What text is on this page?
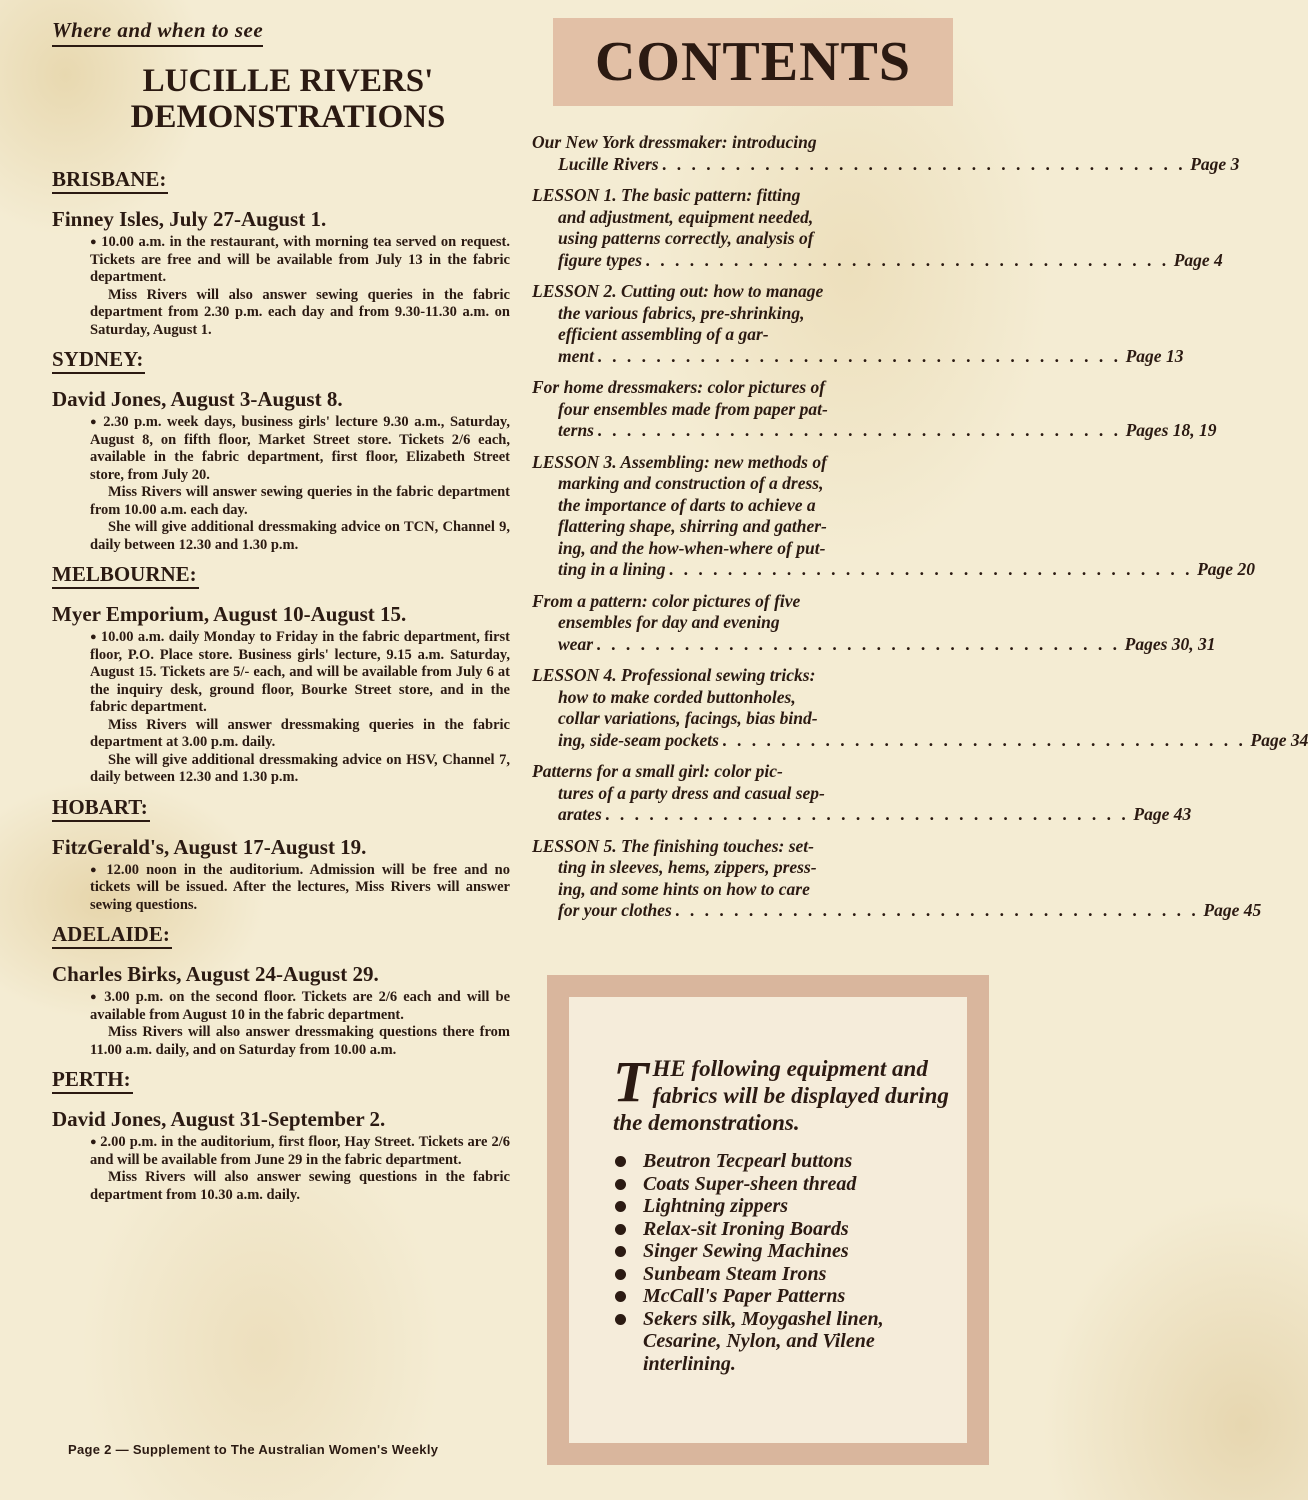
Where and when to see

LUCILLE RIVERS'
DEMONSTRATIONS
BRISBANE:

Finney Isles, July 27-August 1.

● 10.00 a.m. in the restaurant, with morning tea served on request. Tickets are free and will be available from July 13 in the fabric department.

Miss Rivers will also answer sewing queries in the fabric department from 2.30 p.m. each day and from 9.30-11.30 a.m. on Saturday, August 1.

SYDNEY:

David Jones, August 3-August 8.

● 2.30 p.m. week days, business girls' lecture 9.30 a.m., Saturday, August 8, on fifth floor, Market Street store. Tickets 2/6 each, available in the fabric department, first floor, Elizabeth Street store, from July 20.

Miss Rivers will answer sewing queries in the fabric department from 10.00 a.m. each day.

She will give additional dressmaking advice on TCN, Channel 9, daily between 12.30 and 1.30 p.m.

MELBOURNE:

Myer Emporium, August 10-August 15.

● 10.00 a.m. daily Monday to Friday in the fabric department, first floor, P.O. Place store. Business girls' lecture, 9.15 a.m. Saturday, August 15. Tickets are 5/- each, and will be available from July 6 at the inquiry desk, ground floor, Bourke Street store, and in the fabric department.

Miss Rivers will answer dressmaking queries in the fabric department at 3.00 p.m. daily.

She will give additional dressmaking advice on HSV, Channel 7, daily between 12.30 and 1.30 p.m.

HOBART:

FitzGerald's, August 17-August 19.

● 12.00 noon in the auditorium. Admission will be free and no tickets will be issued. After the lectures, Miss Rivers will answer sewing questions.

ADELAIDE:

Charles Birks, August 24-August 29.

● 3.00 p.m. on the second floor. Tickets are 2/6 each and will be available from August 10 in the fabric department.

Miss Rivers will also answer dressmaking questions there from 11.00 a.m. daily, and on Saturday from 10.00 a.m.

PERTH:

David Jones, August 31-September 2.

● 2.00 p.m. in the auditorium, first floor, Hay Street. Tickets are 2/6 and will be available from June 29 in the fabric department.

Miss Rivers will also answer sewing questions in the fabric department from 10.30 a.m. daily.

Page 2 — Supplement to The Australian Women's Weekly
CONTENTS
Our New York dressmaker: introducing
Lucille Rivers . . . . . . . . . . . . . . . . . . . . . . . . . . . . . . . . . . . . Page 3
LESSON 1. The basic pattern: fitting
and adjustment, equipment needed,
using patterns correctly, analysis of
figure types . . . . . . . . . . . . . . . . . . . . . . . . . . . . . . . . . . . . Page 4
LESSON 2. Cutting out: how to manage
the various fabrics, pre-shrinking,
efficient assembling of a gar-
ment . . . . . . . . . . . . . . . . . . . . . . . . . . . . . . . . . . . . Page 13
For home dressmakers: color pictures of
four ensembles made from paper pat-
terns . . . . . . . . . . . . . . . . . . . . . . . . . . . . . . . . . . . . Pages 18, 19
LESSON 3. Assembling: new methods of
marking and construction of a dress,
the importance of darts to achieve a
flattering shape, shirring and gather-
ing, and the how-when-where of put-
ting in a lining . . . . . . . . . . . . . . . . . . . . . . . . . . . . . . . . . . . . Page 20
From a pattern: color pictures of five
ensembles for day and evening
wear . . . . . . . . . . . . . . . . . . . . . . . . . . . . . . . . . . . . Pages 30, 31
LESSON 4. Professional sewing tricks:
how to make corded buttonholes,
collar variations, facings, bias bind-
ing, side-seam pockets . . . . . . . . . . . . . . . . . . . . . . . . . . . . . . . . . . . . Page 34
Patterns for a small girl: color pic-
tures of a party dress and casual sep-
arates . . . . . . . . . . . . . . . . . . . . . . . . . . . . . . . . . . . . Page 43
LESSON 5. The finishing touches: set-
ting in sleeves, hems, zippers, press-
ing, and some hints on how to care
for your clothes . . . . . . . . . . . . . . . . . . . . . . . . . . . . . . . . . . . . Page 45
THE following equipment and fabrics will be displayed during the demonstrations.
Beutron Tecpearl buttons
Coats Super-sheen thread
Lightning zippers
Relax-sit Ironing Boards
Singer Sewing Machines
Sunbeam Steam Irons
McCall's Paper Patterns
Sekers silk, Moygashel linen, Cesarine, Nylon, and Vilene interlining.
